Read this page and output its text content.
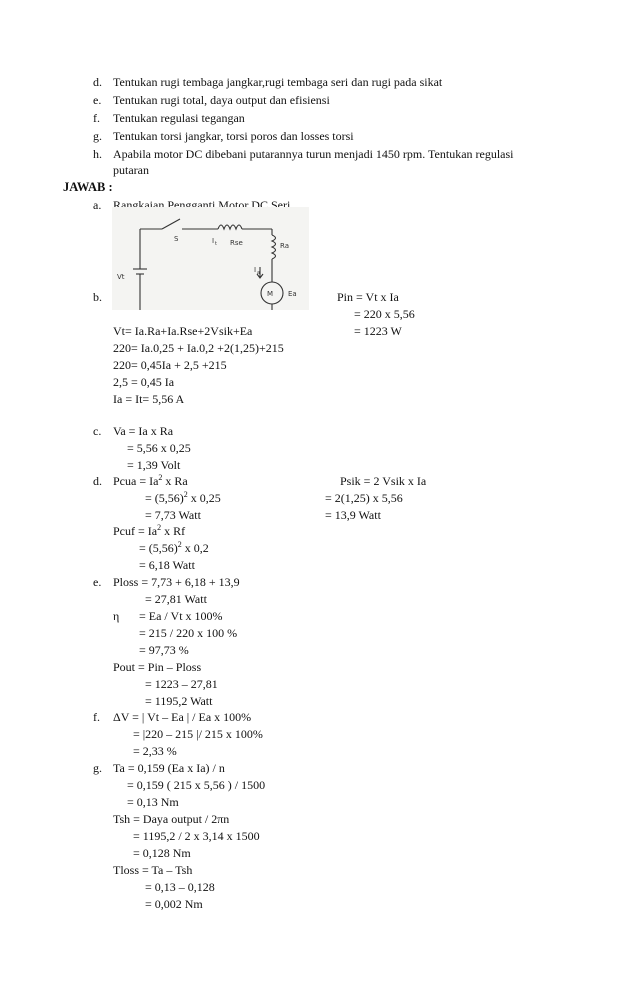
d. Tentukan rugi tembaga jangkar,rugi tembaga seri dan rugi pada sikat
e. Tentukan rugi total, daya output dan efisiensi
f. Tentukan regulasi tegangan
g. Tentukan torsi jangkar, torsi poros dan losses torsi
h. Apabila motor DC dibebani putarannya turun menjadi 1450 rpm. Tentukan regulasi
putaran
JAWAB :
a. Rangkaian Pengganti Motor DC Seri
S	I t Rse	Ra
I a
Vt
M Ea
b.	Pin = Vt x Ia
= 220 x 5,56
= 1223 W
Vt= Ia.Ra+Ia.Rse+2Vsik+Ea
220= Ia.0,25 + Ia.0,2 +2(1,25)+215
220= 0,45Ia + 2,5 +215
2,5 = 0,45 Ia
Ia = It= 5,56 A
c. Va = Ia x Ra
= 5,56 x 0,25
= 1,39 Volt
d. Pcua = $Ia^2$ x Ra
= $(5,56)^2$ x 0,25
= 7,73 Watt
Psik = 2 Vsik x Ia
= 2(1,25) x 5,56
= 13,9 Watt
Pcuf = $Ia^2$ x Rf
= $(5,56)^2$ x 0,2
= 6,18 Watt
e. Ploss = 7,73 + 6,18 + 13,9
= 27,81 Watt
η = Ea / Vt x 100%
= 215 / 220 x 100 %
= 97,73 %
Pout = Pin – Ploss
= 1223 – 27,81
= 1195,2 Watt
f. ΔV = | Vt – Ea | / Ea x 100%
= |220 – 215 |/ 215 x 100%
= 2,33 %
g. Ta = 0,159 (Ea x Ia) / n
= 0,159 ( 215 x 5,56 ) / 1500
= 0,13 Nm
Tsh = Daya output / 2πn
= 1195,2 / 2 x 3,14 x 1500
= 0,128 Nm
Tloss = Ta – Tsh
= 0,13 – 0,128
= 0,002 Nm
